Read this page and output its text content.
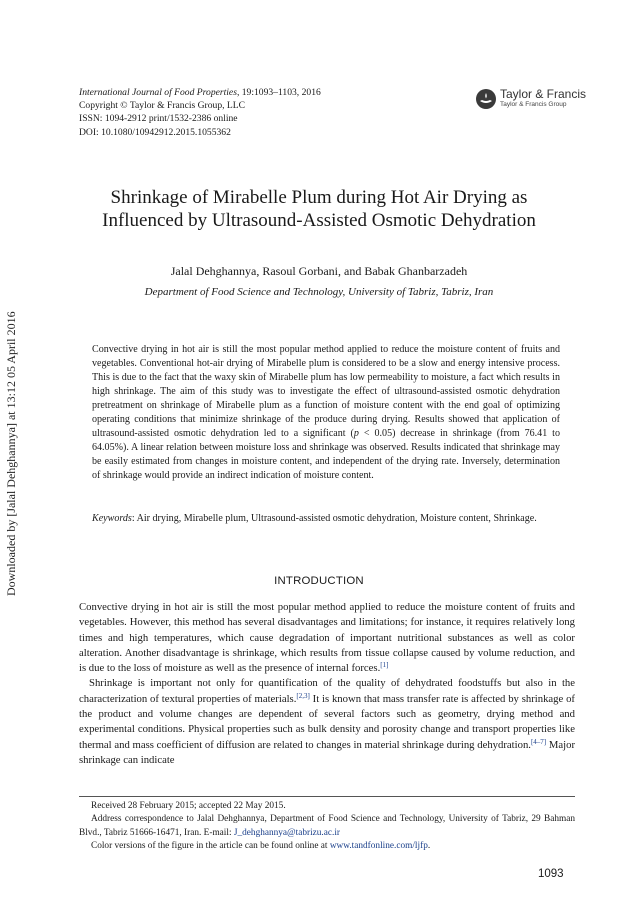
Downloaded by [Jalal Dehghannya] at 13:12 05 April 2016
International Journal of Food Properties, 19:1093–1103, 2016
Copyright © Taylor & Francis Group, LLC
ISSN: 1094-2912 print/1532-2386 online
DOI: 10.1080/10942912.2015.1055362
Taylor & Francis
Taylor & Francis Group
Shrinkage of Mirabelle Plum during Hot Air Drying as
Influenced by Ultrasound-Assisted Osmotic Dehydration
Jalal Dehghannya, Rasoul Gorbani, and Babak Ghanbarzadeh
Department of Food Science and Technology, University of Tabriz, Tabriz, Iran
Convective drying in hot air is still the most popular method applied to reduce the moisture content of fruits and vegetables. Conventional hot-air drying of Mirabelle plum is considered to be a slow and energy intensive process. This is due to the fact that the waxy skin of Mirabelle plum has low permeability to moisture, a fact which results in high shrinkage. The aim of this study was to investigate the effect of ultrasound-assisted osmotic dehydration pretreatment on shrinkage of Mirabelle plum as a function of moisture content with the end goal of optimizing operating conditions that minimize shrinkage of the produce during drying. Results showed that application of ultrasound-assisted osmotic dehydration led to a significant (p < 0.05) decrease in shrinkage (from 76.41 to 64.05%). A linear relation between moisture loss and shrinkage was observed. Results indicated that shrinkage may be easily estimated from changes in moisture content, and independent of the drying rate. Inversely, determination of shrinkage would provide an indirect indication of moisture content.
Keywords: Air drying, Mirabelle plum, Ultrasound-assisted osmotic dehydration, Moisture content, Shrinkage.
INTRODUCTION

Convective drying in hot air is still the most popular method applied to reduce the moisture content of fruits and vegetables. However, this method has several disadvantages and limitations; for instance, it requires relatively long times and high temperatures, which cause degradation of important nutritional substances as well as color alteration. Another disadvantage is shrinkage, which results from tissue collapse caused by volume reduction, and is due to the loss of moisture as well as the presence of internal forces.[1]

Shrinkage is important not only for quantification of the quality of dehydrated foodstuffs but also in the characterization of textural properties of materials.[2,3] It is known that mass transfer rate is affected by shrinkage of the product and volume changes are dependent of several factors such as geometry, drying method and experimental conditions. Physical properties such as bulk density and porosity change and transport properties like thermal and mass coefficient of diffusion are related to changes in material shrinkage during dehydration.[4–7] Major shrinkage can indicate

Received 28 February 2015; accepted 22 May 2015.
Address correspondence to Jalal Dehghannya, Department of Food Science and Technology, University of Tabriz, 29 Bahman Blvd., Tabriz 51666-16471, Iran. E-mail: J_dehghannya@tabrizu.ac.ir
Color versions of the figure in the article can be found online at www.tandfonline.com/ljfp.
1093
